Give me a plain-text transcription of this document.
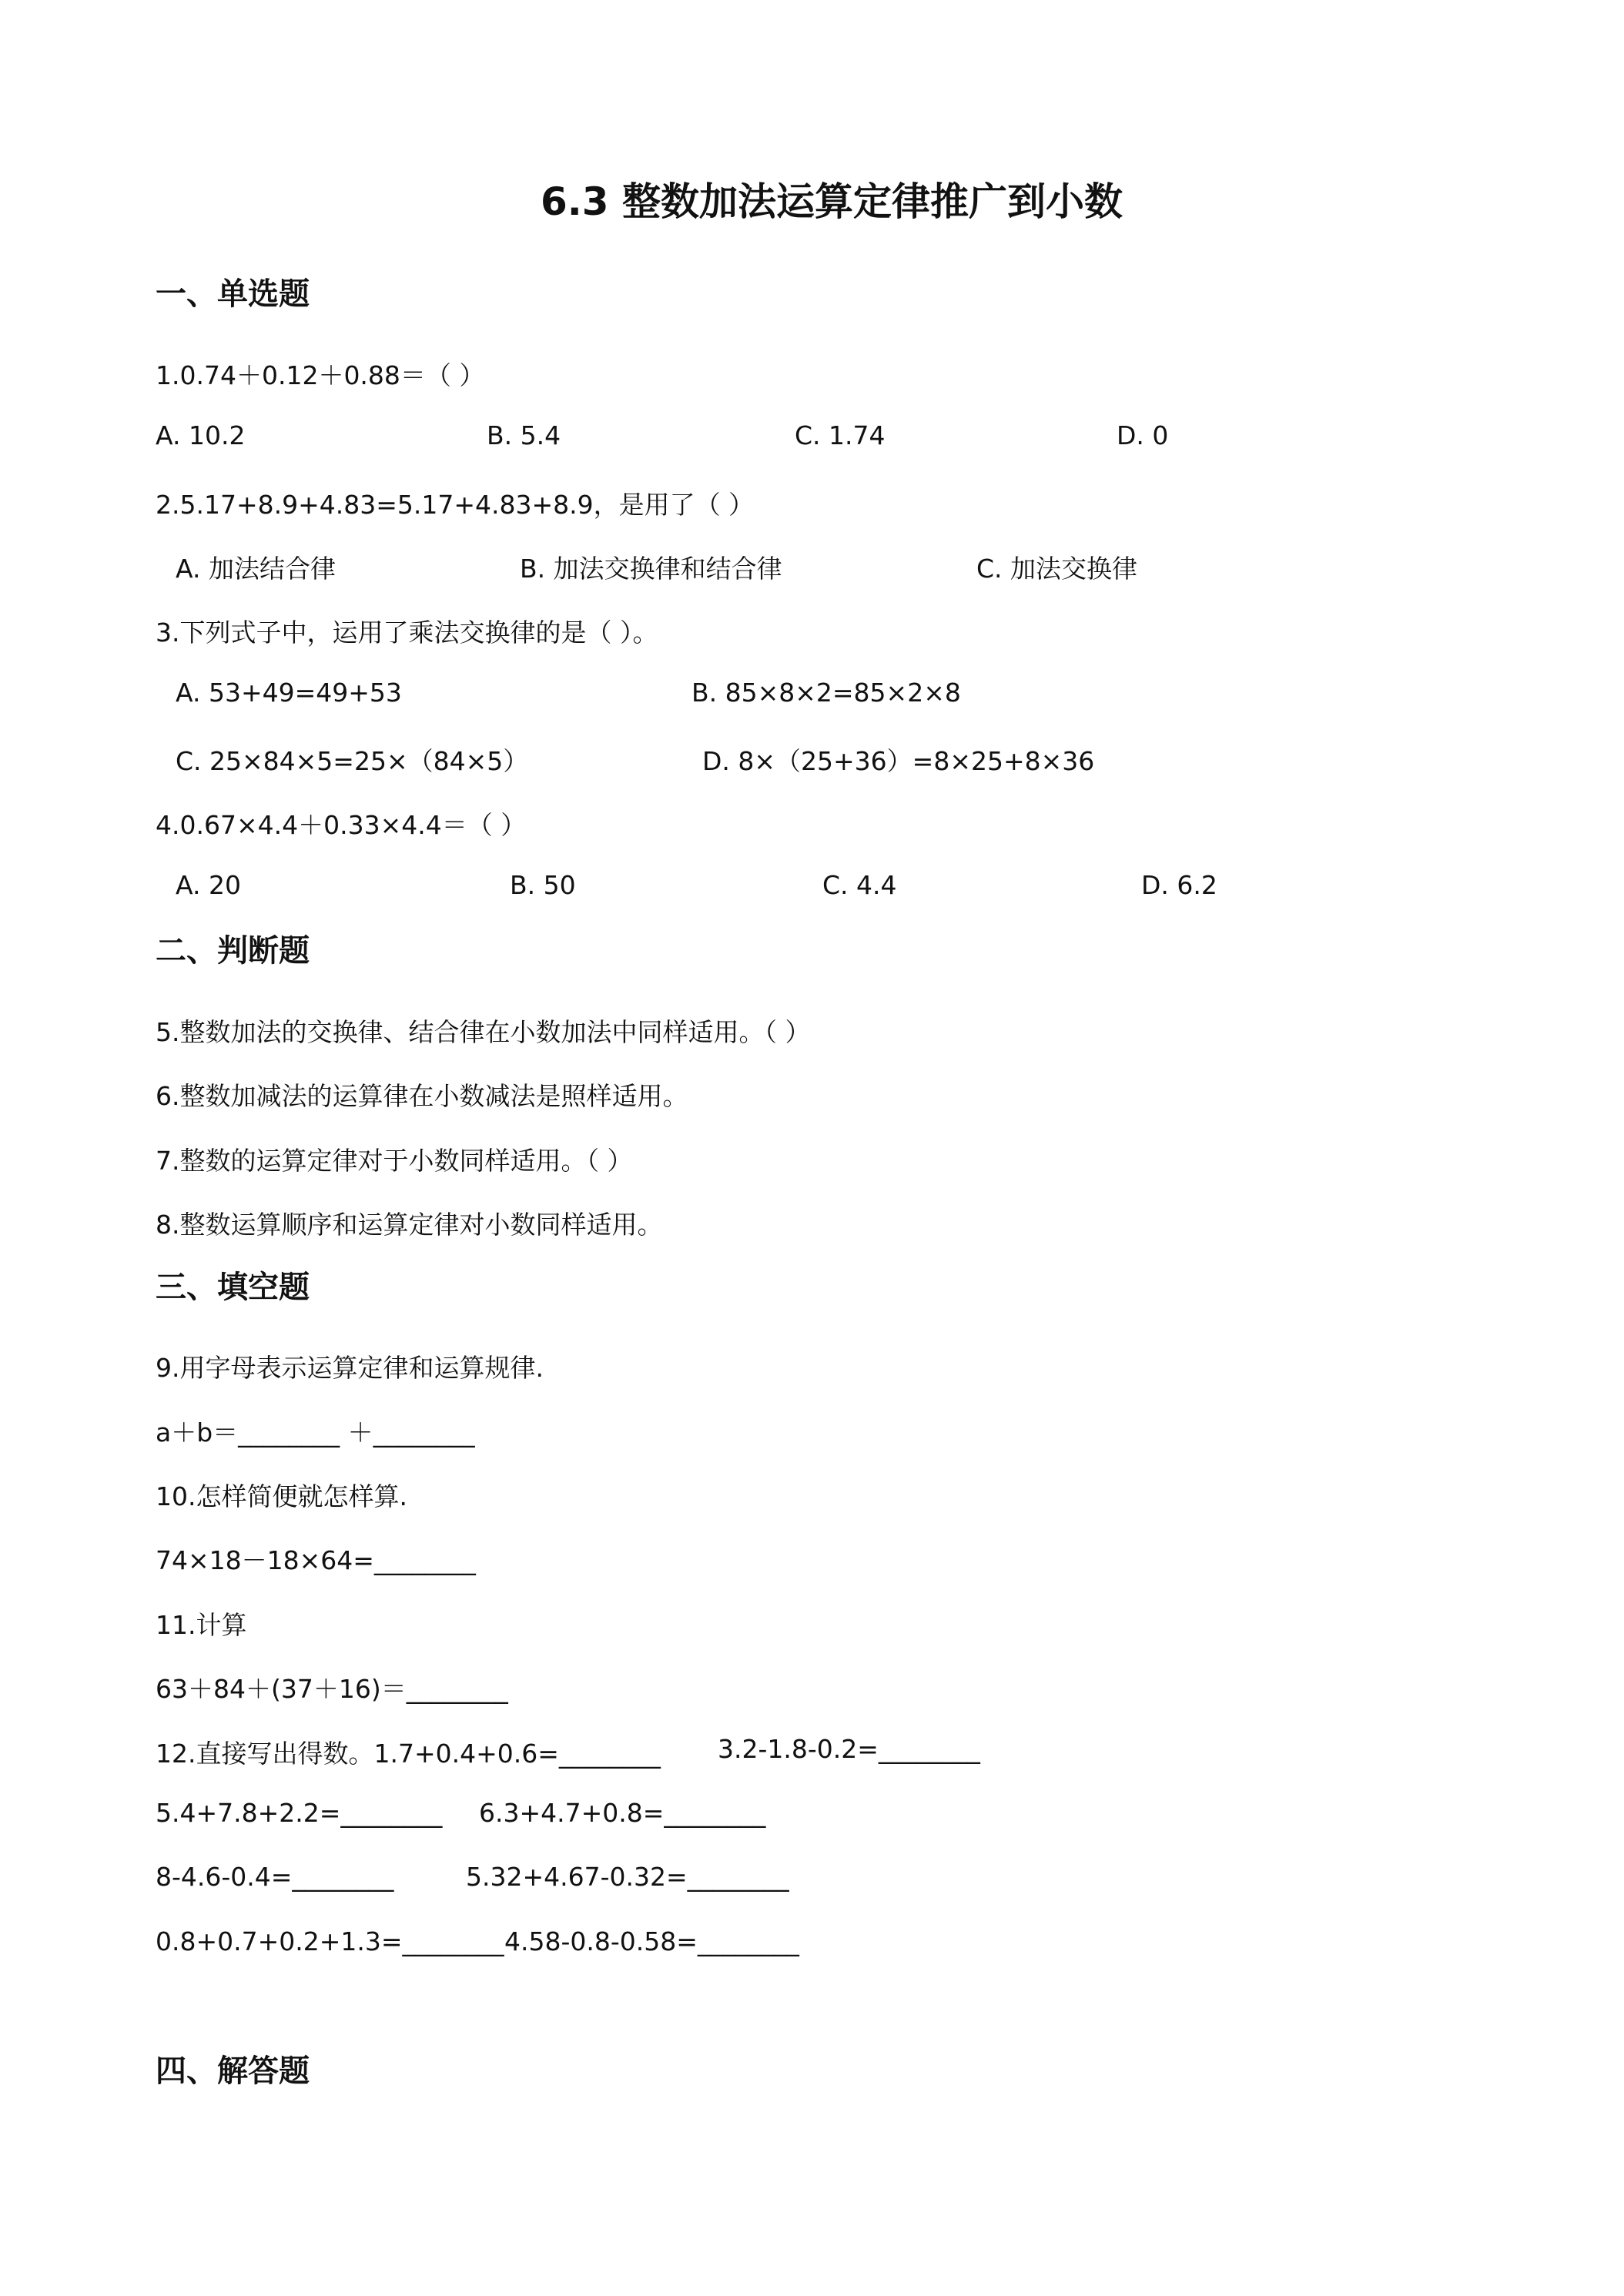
6.3 整数加法运算定律推广到小数
一、单选题
1.0.74＋0.12＋0.88＝（ ）
A. 10.2	B. 5.4	C. 1.74	D. 0
2.5.17+8.9+4.83=5.17+4.83+8.9，是用了（ ）
A. 加法结合律	B. 加法交换律和结合律	C. 加法交换律
3.下列式子中，运用了乘法交换律的是（ ）。
A. 53+49=49+53	B. 85×8×2=85×2×8
C. 25×84×5=25×（84×5）	D. 8×（25+36）=8×25+8×36
4.0.67×4.4＋0.33×4.4＝（ ）
A. 20	B. 50	C. 4.4	D. 6.2
二、判断题
5.整数加法的交换律、结合律在小数加法中同样适用。（ ）
6.整数加减法的运算律在小数减法是照样适用。
7.整数的运算定律对于小数同样适用。（ ）
8.整数运算顺序和运算定律对小数同样适用。
三、填空题
9.用字母表示运算定律和运算规律.
a＋b＝________ ＋________
10.怎样简便就怎样算.
74×18－18×64=________
11.计算
63＋84＋(37＋16)＝________
12.直接写出得数。1.7+0.4+0.6=________ 3.2-1.8-0.2=________
5.4+7.8+2.2=________ 6.3+4.7+0.8=________
8-4.6-0.4=________	5.32+4.67-0.32=________
0.8+0.7+0.2+1.3=________ 4.58-0.8-0.58=________
四、解答题
